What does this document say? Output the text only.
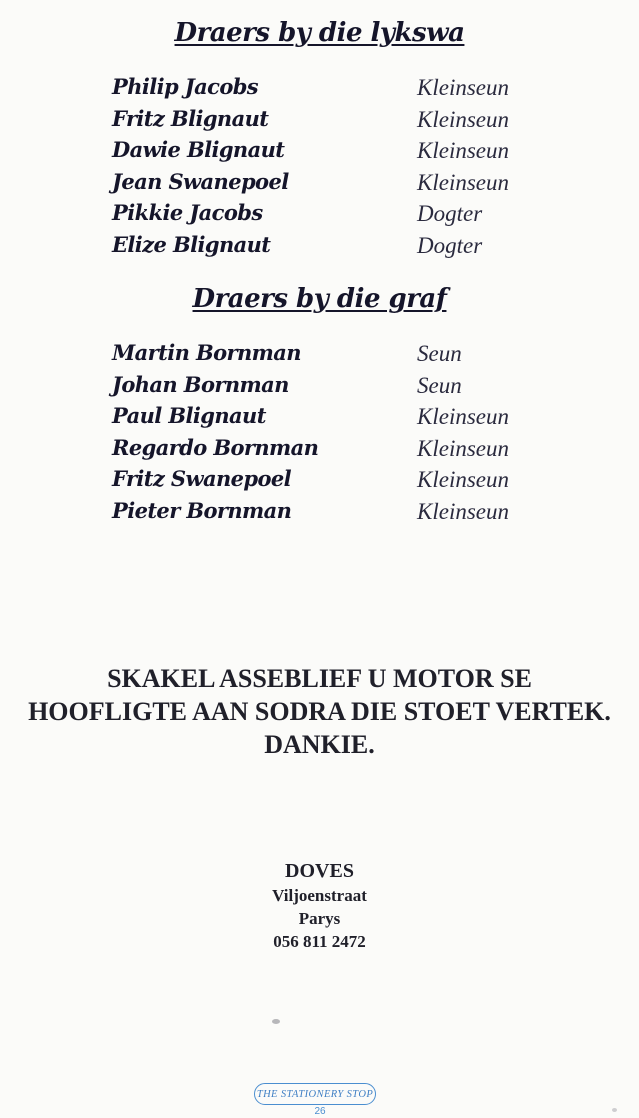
Draers by die lykswa
Philip Jacobs	Kleinseun
Fritz Blignaut	Kleinseun
Dawie Blignaut	Kleinseun
Jean Swanepoel	Kleinseun
Pikkie Jacobs	Dogter
Elize Blignaut	Dogter
Draers by die graf
Martin Bornman	Seun
Johan Bornman	Seun
Paul Blignaut	Kleinseun
Regardo Bornman	Kleinseun
Fritz Swanepoel	Kleinseun
Pieter Bornman	Kleinseun
SKAKEL ASSEBLIEF U MOTOR SE
HOOFLIGTE AAN SODRA DIE STOET VERTEK.
DANKIE.
DOVES
Viljoenstraat
Parys
056 811 2472
THE STATIONERY STOP
26
